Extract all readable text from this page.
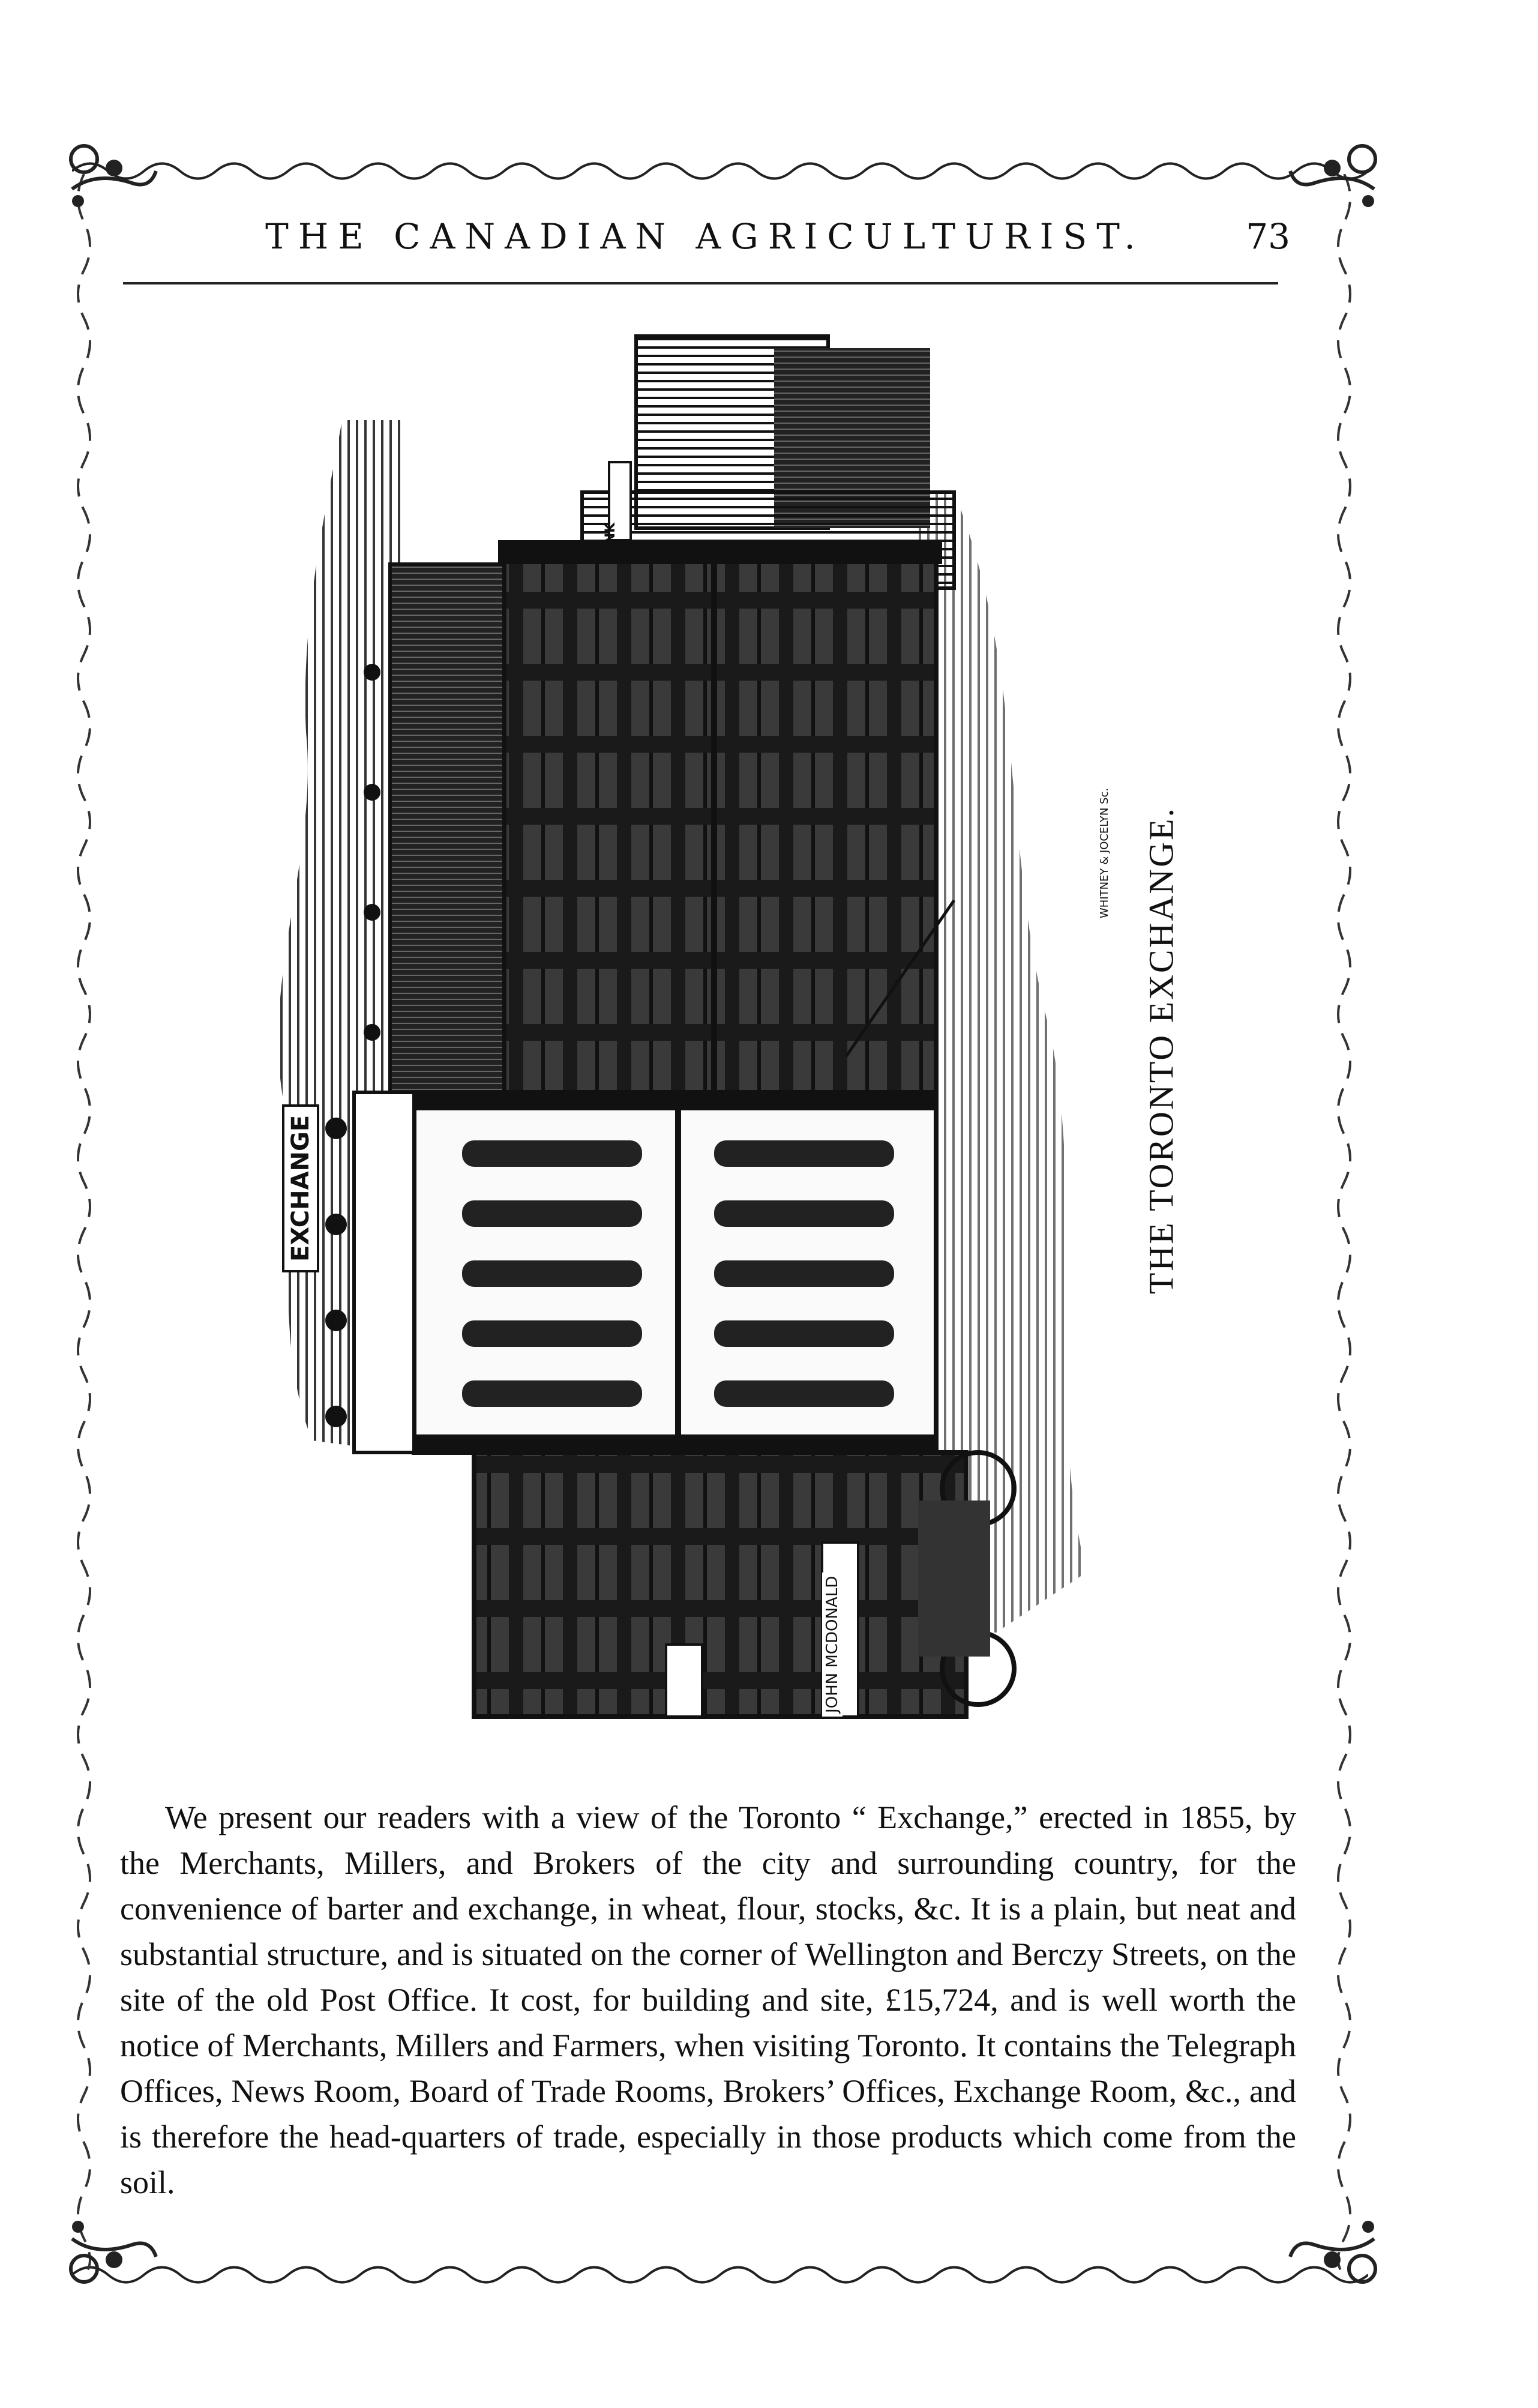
THE CANADIAN AGRICULTURIST.	73
EXCHANGE
BANK
JOHN MCDONALD
WHITNEY & JOCELYN Sc. THE TORONTO EXCHANGE.

We present our readers with a view of the Toronto “ Exchange,” erected in 1855, by the Merchants, Millers, and Brokers of the city and surrounding country, for the convenience of barter and exchange, in wheat, flour, stocks, &c. It is a plain, but neat and substantial structure, and is situated on the corner of Wellington and Berczy Streets, on the site of the old Post Office. It cost, for building and site, £15,724, and is well worth the notice of Merchants, Millers and Farmers, when visiting Toronto. It contains the Telegraph Offices, News Room, Board of Trade Rooms, Brokers’ Offices, Exchange Room, &c., and is therefore the head-quarters of trade, especially in those products which come from the soil.
